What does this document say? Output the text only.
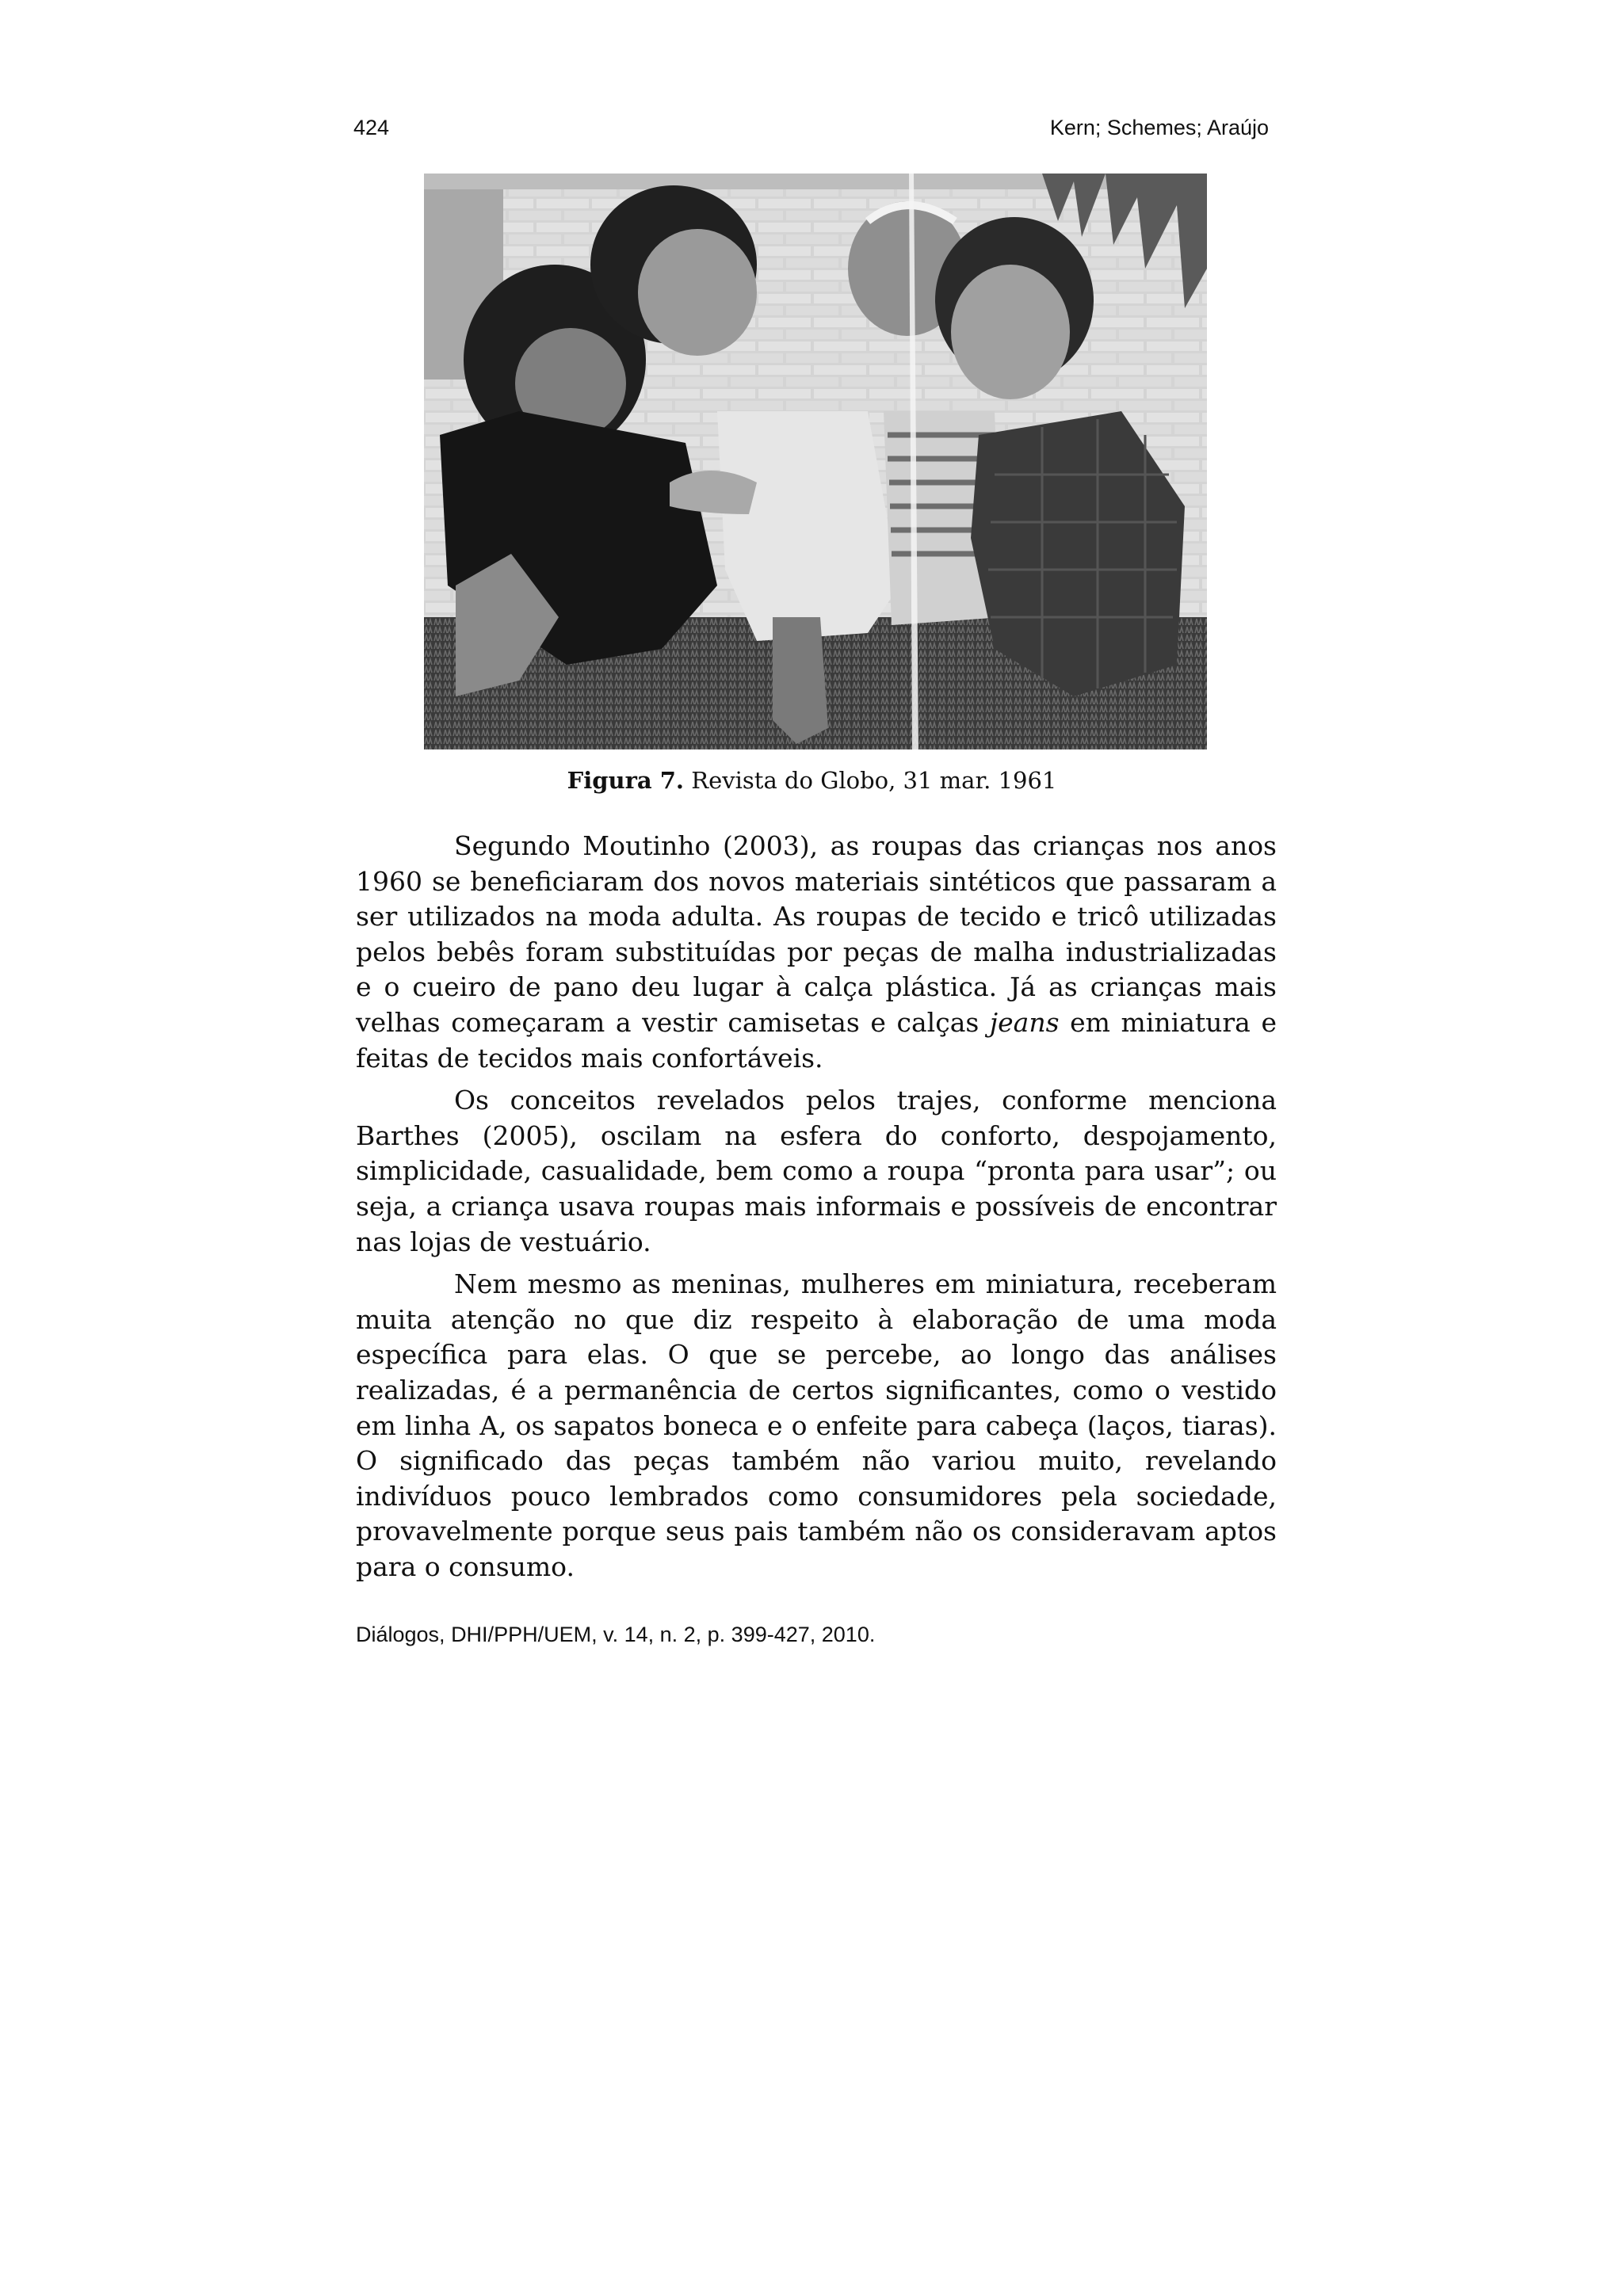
424	Kern; Schemes; Araújo
Figura 7. Revista do Globo, 31 mar. 1961

Segundo Moutinho (2003), as roupas das crianças nos anos 1960 se beneficiaram dos novos materiais sintéticos que passaram a ser utilizados na moda adulta. As roupas de tecido e tricô utilizadas pelos bebês foram substituídas por peças de malha industrializadas e o cueiro de pano deu lugar à calça plástica. Já as crianças mais velhas começaram a vestir camisetas e calças jeans em miniatura e feitas de tecidos mais confortáveis.

Os conceitos revelados pelos trajes, conforme menciona Barthes (2005), oscilam na esfera do conforto, despojamento, simplicidade, casualidade, bem como a roupa “pronta para usar”; ou seja, a criança usava roupas mais informais e possíveis de encontrar nas lojas de vestuário.

Nem mesmo as meninas, mulheres em miniatura, receberam muita atenção no que diz respeito à elaboração de uma moda específica para elas. O que se percebe, ao longo das análises realizadas, é a permanência de certos significantes, como o vestido em linha A, os sapatos boneca e o enfeite para cabeça (laços, tiaras). O significado das peças também não variou muito, revelando indivíduos pouco lembrados como consumidores pela sociedade, provavelmente porque seus pais também não os consideravam aptos para o consumo.

Diálogos, DHI/PPH/UEM, v. 14, n. 2, p. 399-427, 2010.
